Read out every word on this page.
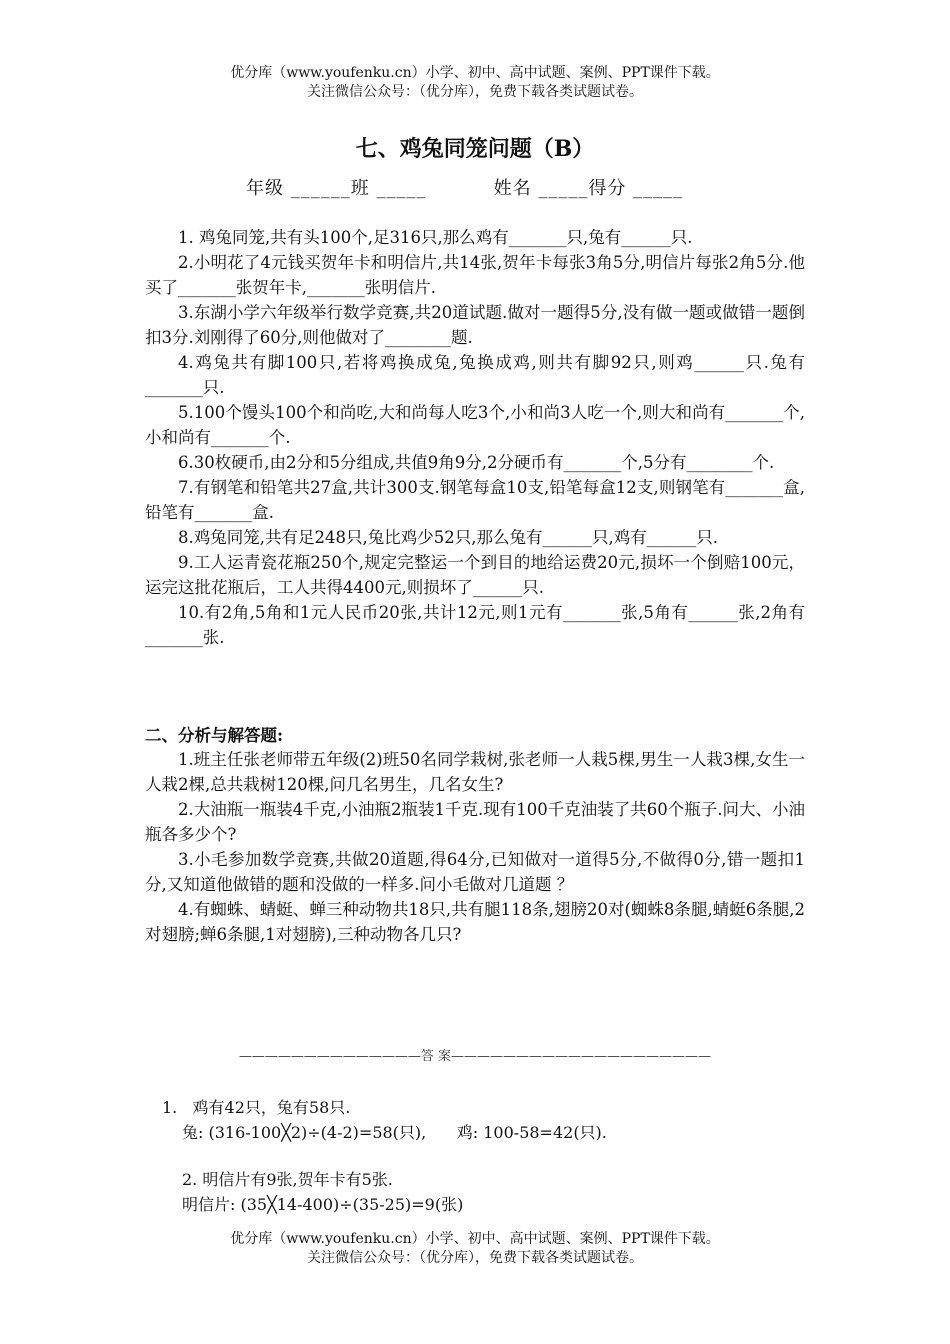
优分库（www.youfenku.cn）小学、初中、高中试题、案例、PPT课件下载。
关注微信公众号：（优分库），免费下载各类试题试卷。
七、鸡兔同笼问题（B）
年级 ______班 _____          姓名 _____得分 _____

1. 鸡兔同笼,共有头100个,足316只,那么鸡有_______只,兔有______只.

2.小明花了4元钱买贺年卡和明信片,共14张,贺年卡每张3角5分,明信片每张2角5分.他买了_______张贺年卡,_______张明信片.

3.东湖小学六年级举行数学竞赛,共20道试题.做对一题得5分,没有做一题或做错一题倒扣3分.刘刚得了60分,则他做对了________题.

4.鸡兔共有脚100只,若将鸡换成兔,兔换成鸡,则共有脚92只,则鸡______只.兔有_______只.

5.100个馒头100个和尚吃,大和尚每人吃3个,小和尚3人吃一个,则大和尚有_______个,小和尚有_______个.

6.30枚硬币,由2分和5分组成,共值9角9分,2分硬币有_______个,5分有________个.

7.有钢笔和铅笔共27盒,共计300支.钢笔每盒10支,铅笔每盒12支,则钢笔有_______盒,铅笔有_______盒.

8.鸡兔同笼,共有足248只,兔比鸡少52只,那么兔有______只,鸡有______只.

9.工人运青瓷花瓶250个,规定完整运一个到目的地给运费20元,损坏一个倒赔100元，运完这批花瓶后，工人共得4400元,则损坏了______只.

10.有2角,5角和1元人民币20张,共计12元,则1元有_______张,5角有______张,2角有_______张.

二、分析与解答题:

1.班主任张老师带五年级(2)班50名同学栽树,张老师一人栽5棵,男生一人栽3棵,女生一人栽2棵,总共栽树120棵,问几名男生，几名女生?

2.大油瓶一瓶装4千克,小油瓶2瓶装1千克.现有100千克油装了共60个瓶子.问大、小油瓶各多少个?

3.小毛参加数学竞赛,共做20道题,得64分,已知做对一道得5分,不做得0分,错一题扣1分,又知道他做错的题和没做的一样多.问小毛做对几道题 ？

4.有蜘蛛、蜻蜓、蝉三种动物共18只,共有腿118条,翅膀20对(蜘蛛8条腿,蜻蜓6条腿,2对翅膀;蝉6条腿,1对翅膀),三种动物各几只?

——————————————答 案————————————————————
1.   鸡有42只，兔有58只.
兔: (316-100╳2)÷(4-2)=58(只),      鸡: 100-58=42(只).
2. 明信片有9张,贺年卡有5张.
明信片: (35╳14-400)÷(35-25)=9(张)
优分库（www.youfenku.cn）小学、初中、高中试题、案例、PPT课件下载。
关注微信公众号：（优分库），免费下载各类试题试卷。
